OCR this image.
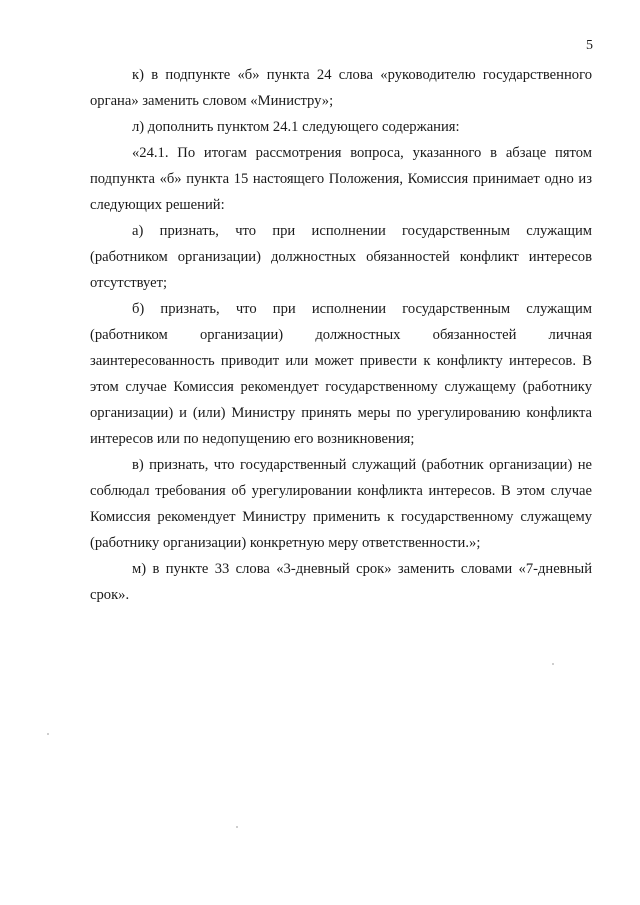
5

к) в подпункте «б» пункта 24 слова «руководителю государственного органа» заменить словом «Министру»;

л) дополнить пунктом 24.1 следующего содержания:

«24.1. По итогам рассмотрения вопроса, указанного в абзаце пятом подпункта «б» пункта 15 настоящего Положения, Комиссия принимает одно из следующих решений:

а) признать, что при исполнении государственным служащим (работником организации) должностных обязанностей конфликт интересов отсутствует;

б) признать, что при исполнении государственным служащим (работником организации) должностных обязанностей личная заинтересованность приводит или может привести к конфликту интересов. В этом случае Комиссия рекомендует государственному служащему (работнику организации) и (или) Министру принять меры по урегулированию конфликта интересов или по недопущению его возникновения;

в) признать, что государственный служащий (работник организации) не соблюдал требования об урегулировании конфликта интересов. В этом случае Комиссия рекомендует Министру применить к государственному служащему (работнику организации) конкретную меру ответственности.»;

м) в пункте 33 слова «3-дневный срок» заменить словами «7-дневный срок».
